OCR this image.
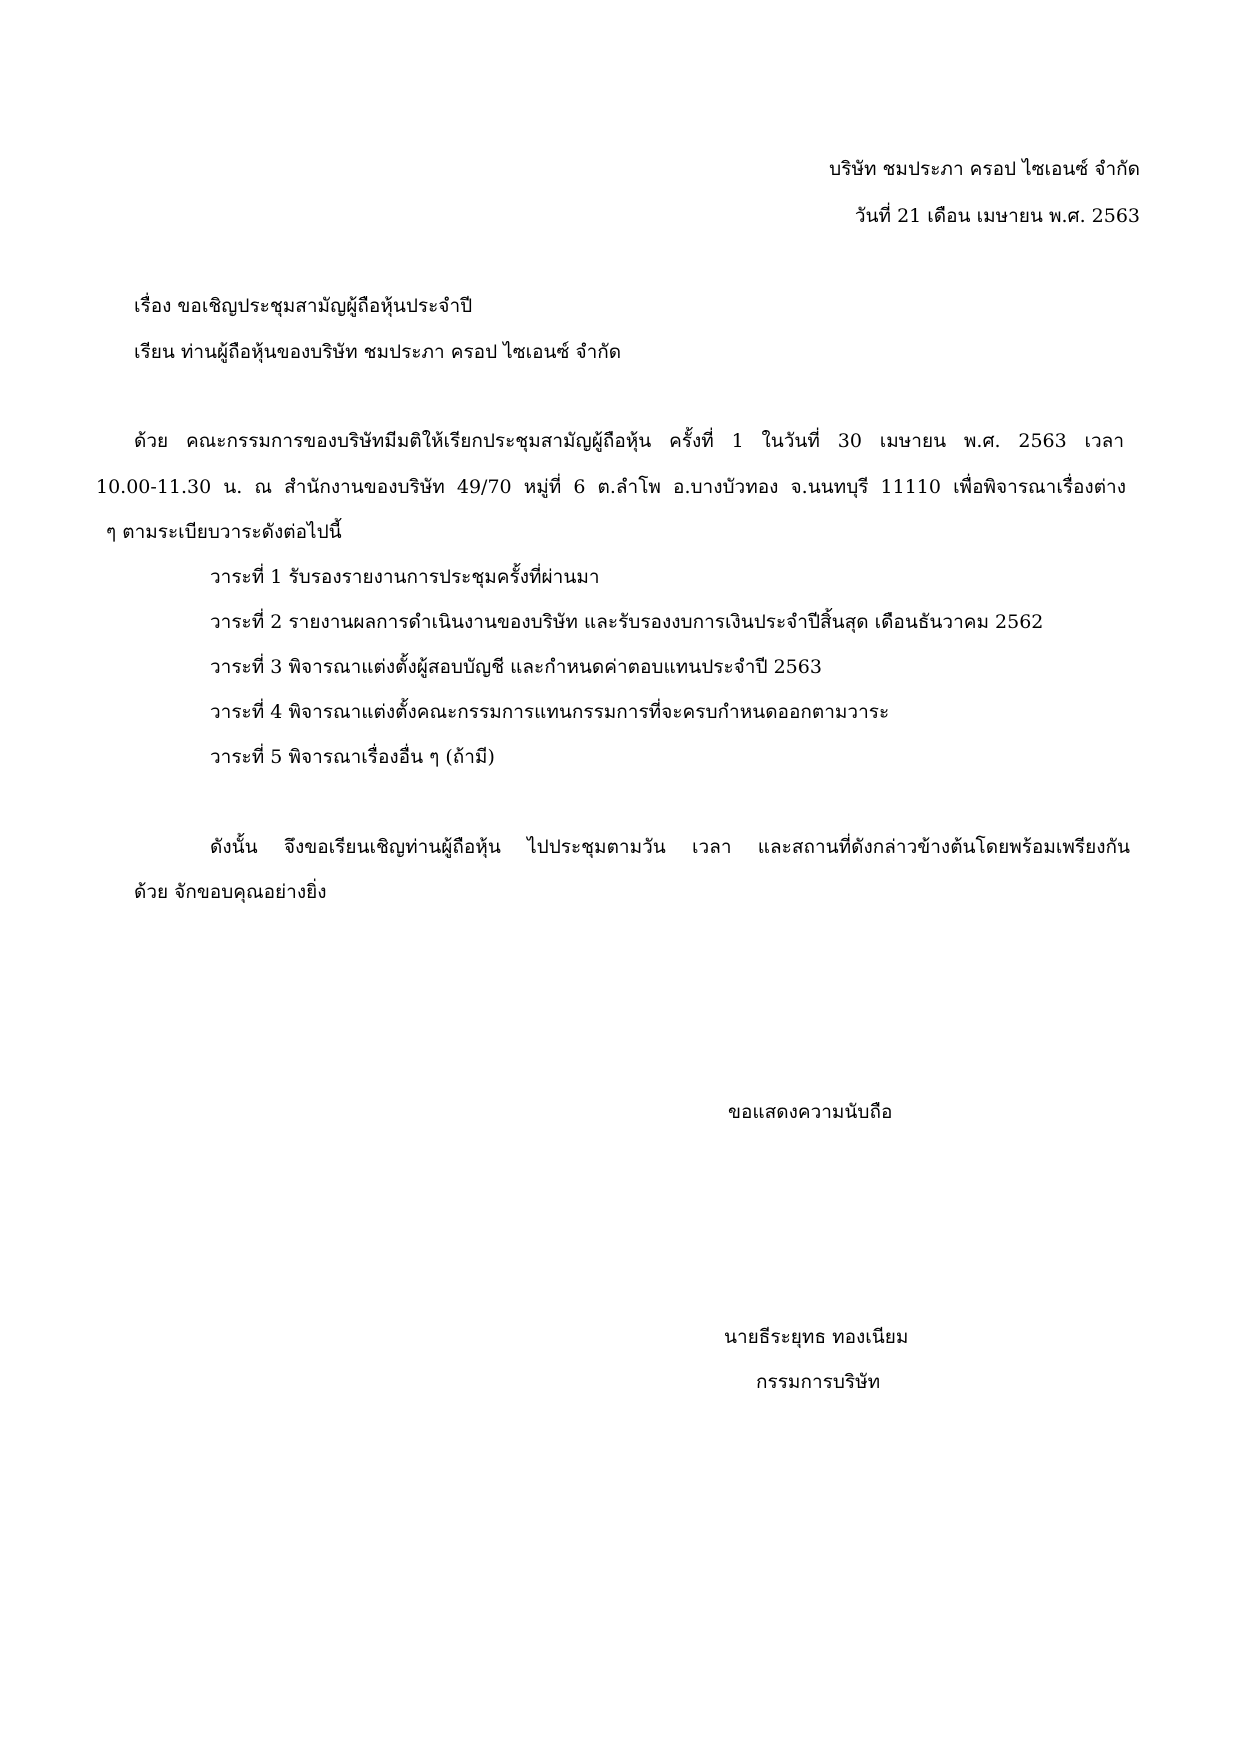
บริษัท ชมประภา ครอป ไซเอนซ์ จำกัด
วันที่ 21 เดือน เมษายน พ.ศ. 2563
เรื่อง ขอเชิญประชุมสามัญผู้ถือหุ้นประจำปี
เรียน ท่านผู้ถือหุ้นของบริษัท ชมประภา ครอป ไซเอนซ์ จำกัด
ด้วย คณะกรรมการของบริษัทมีมติให้เรียกประชุมสามัญผู้ถือหุ้น ครั้งที่ 1 ในวันที่ 30 เมษายน พ.ศ. 2563 เวลา
10.00-11.30 น. ณ สำนักงานของบริษัท 49/70 หมู่ที่ 6 ต.ลำโพ อ.บางบัวทอง จ.นนทบุรี 11110 เพื่อพิจารณาเรื่องต่าง
ๆ ตามระเบียบวาระดังต่อไปนี้
วาระที่ 1 รับรองรายงานการประชุมครั้งที่ผ่านมา
วาระที่ 2 รายงานผลการดำเนินงานของบริษัท และรับรองงบการเงินประจำปีสิ้นสุด เดือนธันวาคม 2562
วาระที่ 3 พิจารณาแต่งตั้งผู้สอบบัญชี และกำหนดค่าตอบแทนประจำปี 2563
วาระที่ 4 พิจารณาแต่งตั้งคณะกรรมการแทนกรรมการที่จะครบกำหนดออกตามวาระ
วาระที่ 5 พิจารณาเรื่องอื่น ๆ (ถ้ามี)
ดังนั้น จึงขอเรียนเชิญท่านผู้ถือหุ้น ไปประชุมตามวัน เวลา และสถานที่ดังกล่าวข้างต้นโดยพร้อมเพรียงกัน
ด้วย จักขอบคุณอย่างยิ่ง
ขอแสดงความนับถือ
นายธีระยุทธ ทองเนียม
กรรมการบริษัท
